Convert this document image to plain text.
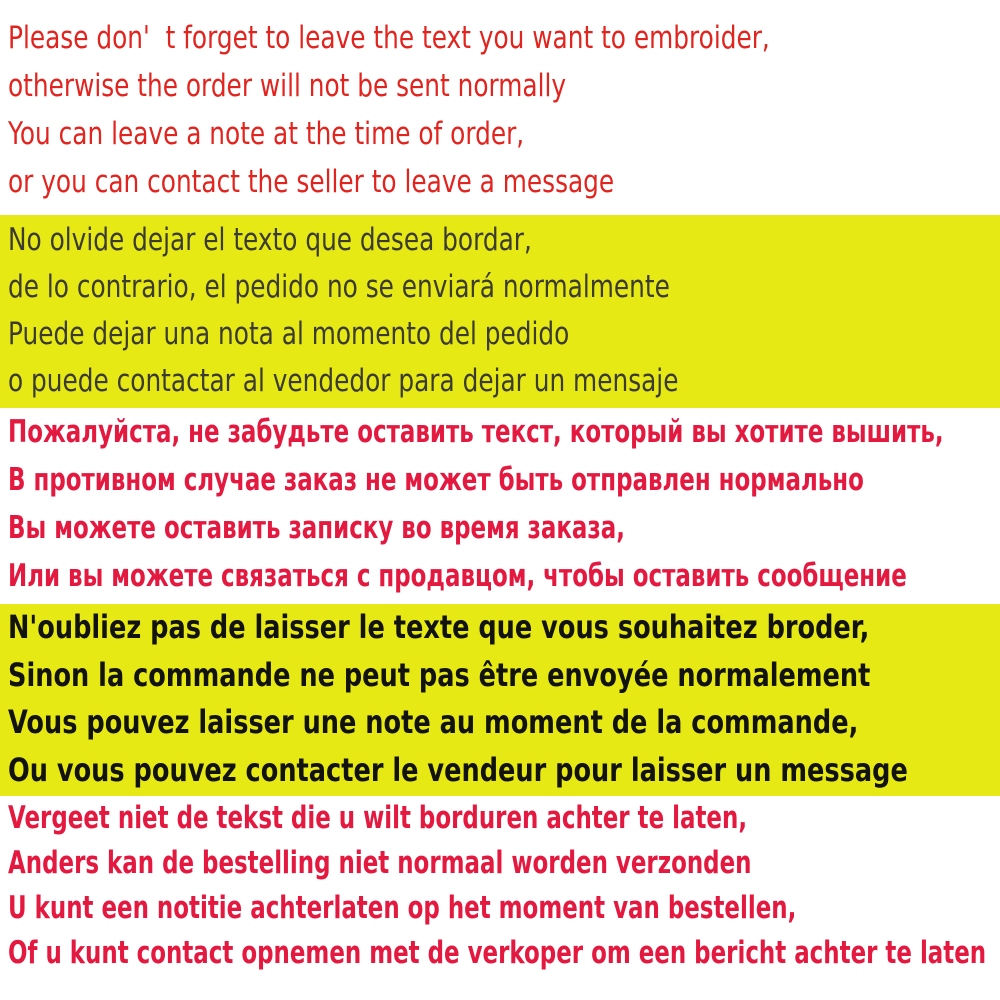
Please don'  t forget to leave the text you want to embroider,
otherwise the order will not be sent normally
You can leave a note at the time of order,
or you can contact the seller to leave a message
No olvide dejar el texto que desea bordar,
de lo contrario, el pedido no se enviará normalmente
Puede dejar una nota al momento del pedido
o puede contactar al vendedor para dejar un mensaje
Пожалуйста, не забудьте оставить текст, который вы хотите вышить,
В противном случае заказ не может быть отправлен нормально
Вы можете оставить записку во время заказа,
Или вы можете связаться с продавцом, чтобы оставить сообщение
N'oubliez pas de laisser le texte que vous souhaitez broder,
Sinon la commande ne peut pas être envoyée normalement
Vous pouvez laisser une note au moment de la commande,
Ou vous pouvez contacter le vendeur pour laisser un message
Vergeet niet de tekst die u wilt borduren achter te laten,
Anders kan de bestelling niet normaal worden verzonden
U kunt een notitie achterlaten op het moment van bestellen,
Of u kunt contact opnemen met de verkoper om een bericht achter te laten
